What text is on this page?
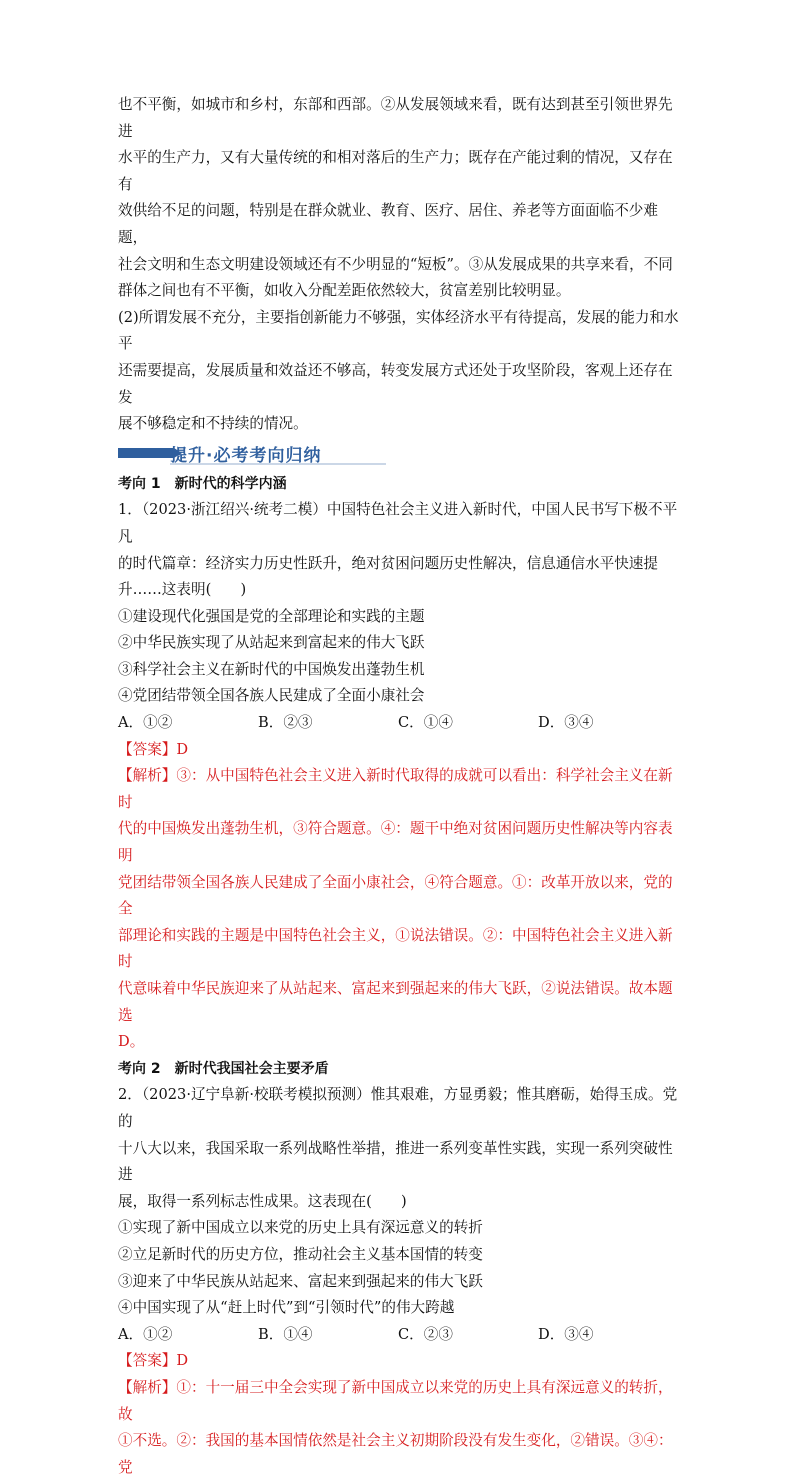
也不平衡，如城市和乡村，东部和西部。②从发展领域来看，既有达到甚至引领世界先进

水平的生产力，又有大量传统的和相对落后的生产力；既存在产能过剩的情况，又存在有

效供给不足的问题，特别是在群众就业、教育、医疗、居住、养老等方面面临不少难题，

社会文明和生态文明建设领域还有不少明显的“短板”。③从发展成果的共享来看，不同

群体之间也有不平衡，如收入分配差距依然较大，贫富差别比较明显。

(2)所谓发展不充分，主要指创新能力不够强，实体经济水平有待提高，发展的能力和水平

还需要提高，发展质量和效益还不够高，转变发展方式还处于攻坚阶段，客观上还存在发

展不够稳定和不持续的情况。

提升·必考考向归纳
考向 1　新时代的科学内涵

1．（2023·浙江绍兴·统考二模）中国特色社会主义进入新时代，中国人民书写下极不平凡

的时代篇章：经济实力历史性跃升，绝对贫困问题历史性解决，信息通信水平快速提

升……这表明(　　)

①建设现代化强国是党的全部理论和实践的主题

②中华民族实现了从站起来到富起来的伟大飞跃

③科学社会主义在新时代的中国焕发出蓬勃生机

④党团结带领全国各族人民建成了全面小康社会

A．①②	B．②③	C．①④	D．③④

【答案】D

【解析】③：从中国特色社会主义进入新时代取得的成就可以看出：科学社会主义在新时

代的中国焕发出蓬勃生机，③符合题意。④：题干中绝对贫困问题历史性解决等内容表明

党团结带领全国各族人民建成了全面小康社会，④符合题意。①：改革开放以来，党的全

部理论和实践的主题是中国特色社会主义，①说法错误。②：中国特色社会主义进入新时

代意味着中华民族迎来了从站起来、富起来到强起来的伟大飞跃，②说法错误。故本题选

D。

考向 2　新时代我国社会主要矛盾

2．（2023·辽宁阜新·校联考模拟预测）惟其艰难，方显勇毅；惟其磨砺，始得玉成。党的

十八大以来，我国采取一系列战略性举措，推进一系列变革性实践，实现一系列突破性进

展，取得一系列标志性成果。这表现在(　　)

①实现了新中国成立以来党的历史上具有深远意义的转折

②立足新时代的历史方位，推动社会主义基本国情的转变

③迎来了中华民族从站起来、富起来到强起来的伟大飞跃

④中国实现了从“赶上时代”到“引领时代”的伟大跨越

A．①②	B．①④	C．②③	D．③④

【答案】D

【解析】①：十一届三中全会实现了新中国成立以来党的历史上具有深远意义的转折，故

①不选。②：我国的基本国情依然是社会主义初期阶段没有发生变化，②错误。③④：党
